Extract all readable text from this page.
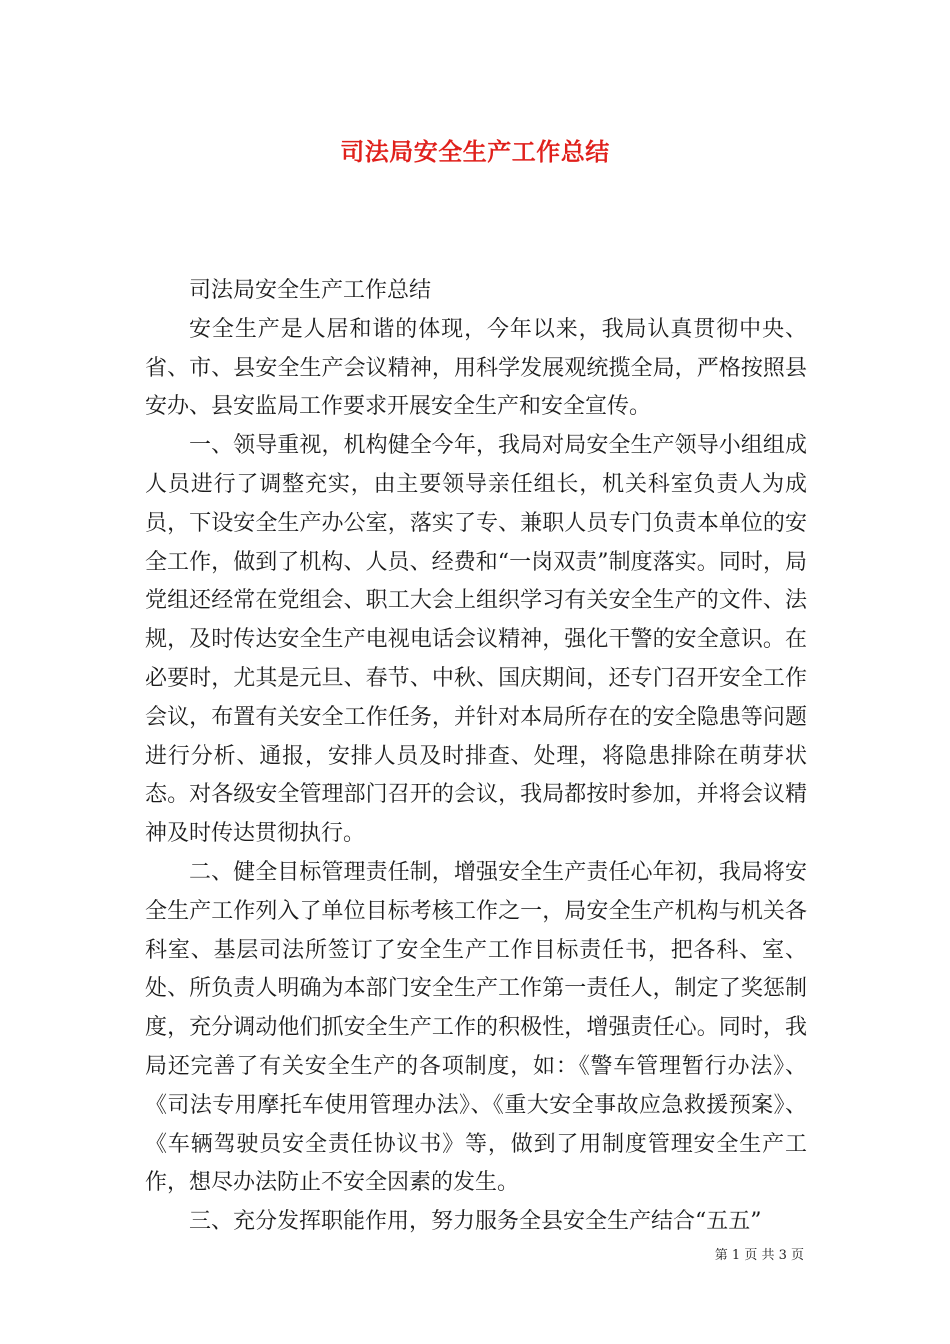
司法局安全生产工作总结

司法局安全生产工作总结

安全生产是人居和谐的体现，今年以来，我局认真贯彻中央、省、市、县安全生产会议精神，用科学发展观统揽全局，严格按照县安办、县安监局工作要求开展安全生产和安全宣传。

一、领导重视，机构健全今年，我局对局安全生产领导小组组成人员进行了调整充实，由主要领导亲任组长，机关科室负责人为成员，下设安全生产办公室，落实了专、兼职人员专门负责本单位的安全工作，做到了机构、人员、经费和“一岗双责”制度落实。同时，局党组还经常在党组会、职工大会上组织学习有关安全生产的文件、法规，及时传达安全生产电视电话会议精神，强化干警的安全意识。在必要时，尤其是元旦、春节、中秋、国庆期间，还专门召开安全工作会议，布置有关安全工作任务，并针对本局所存在的安全隐患等问题进行分析、通报，安排人员及时排查、处理，将隐患排除在萌芽状态。对各级安全管理部门召开的会议，我局都按时参加，并将会议精神及时传达贯彻执行。

二、健全目标管理责任制，增强安全生产责任心年初，我局将安全生产工作列入了单位目标考核工作之一，局安全生产机构与机关各科室、基层司法所签订了安全生产工作目标责任书，把各科、室、处、所负责人明确为本部门安全生产工作第一责任人，制定了奖惩制度，充分调动他们抓安全生产工作的积极性，增强责任心。同时，我局还完善了有关安全生产的各项制度，如：《警车管理暂行办法》、《司法专用摩托车使用管理办法》、《重大安全事故应急救援预案》、《车辆驾驶员安全责任协议书》等，做到了用制度管理安全生产工作，想尽办法防止不安全因素的发生。

三、充分发挥职能作用，努力服务全县安全生产结合“五五”

第 1 页 共 3 页
